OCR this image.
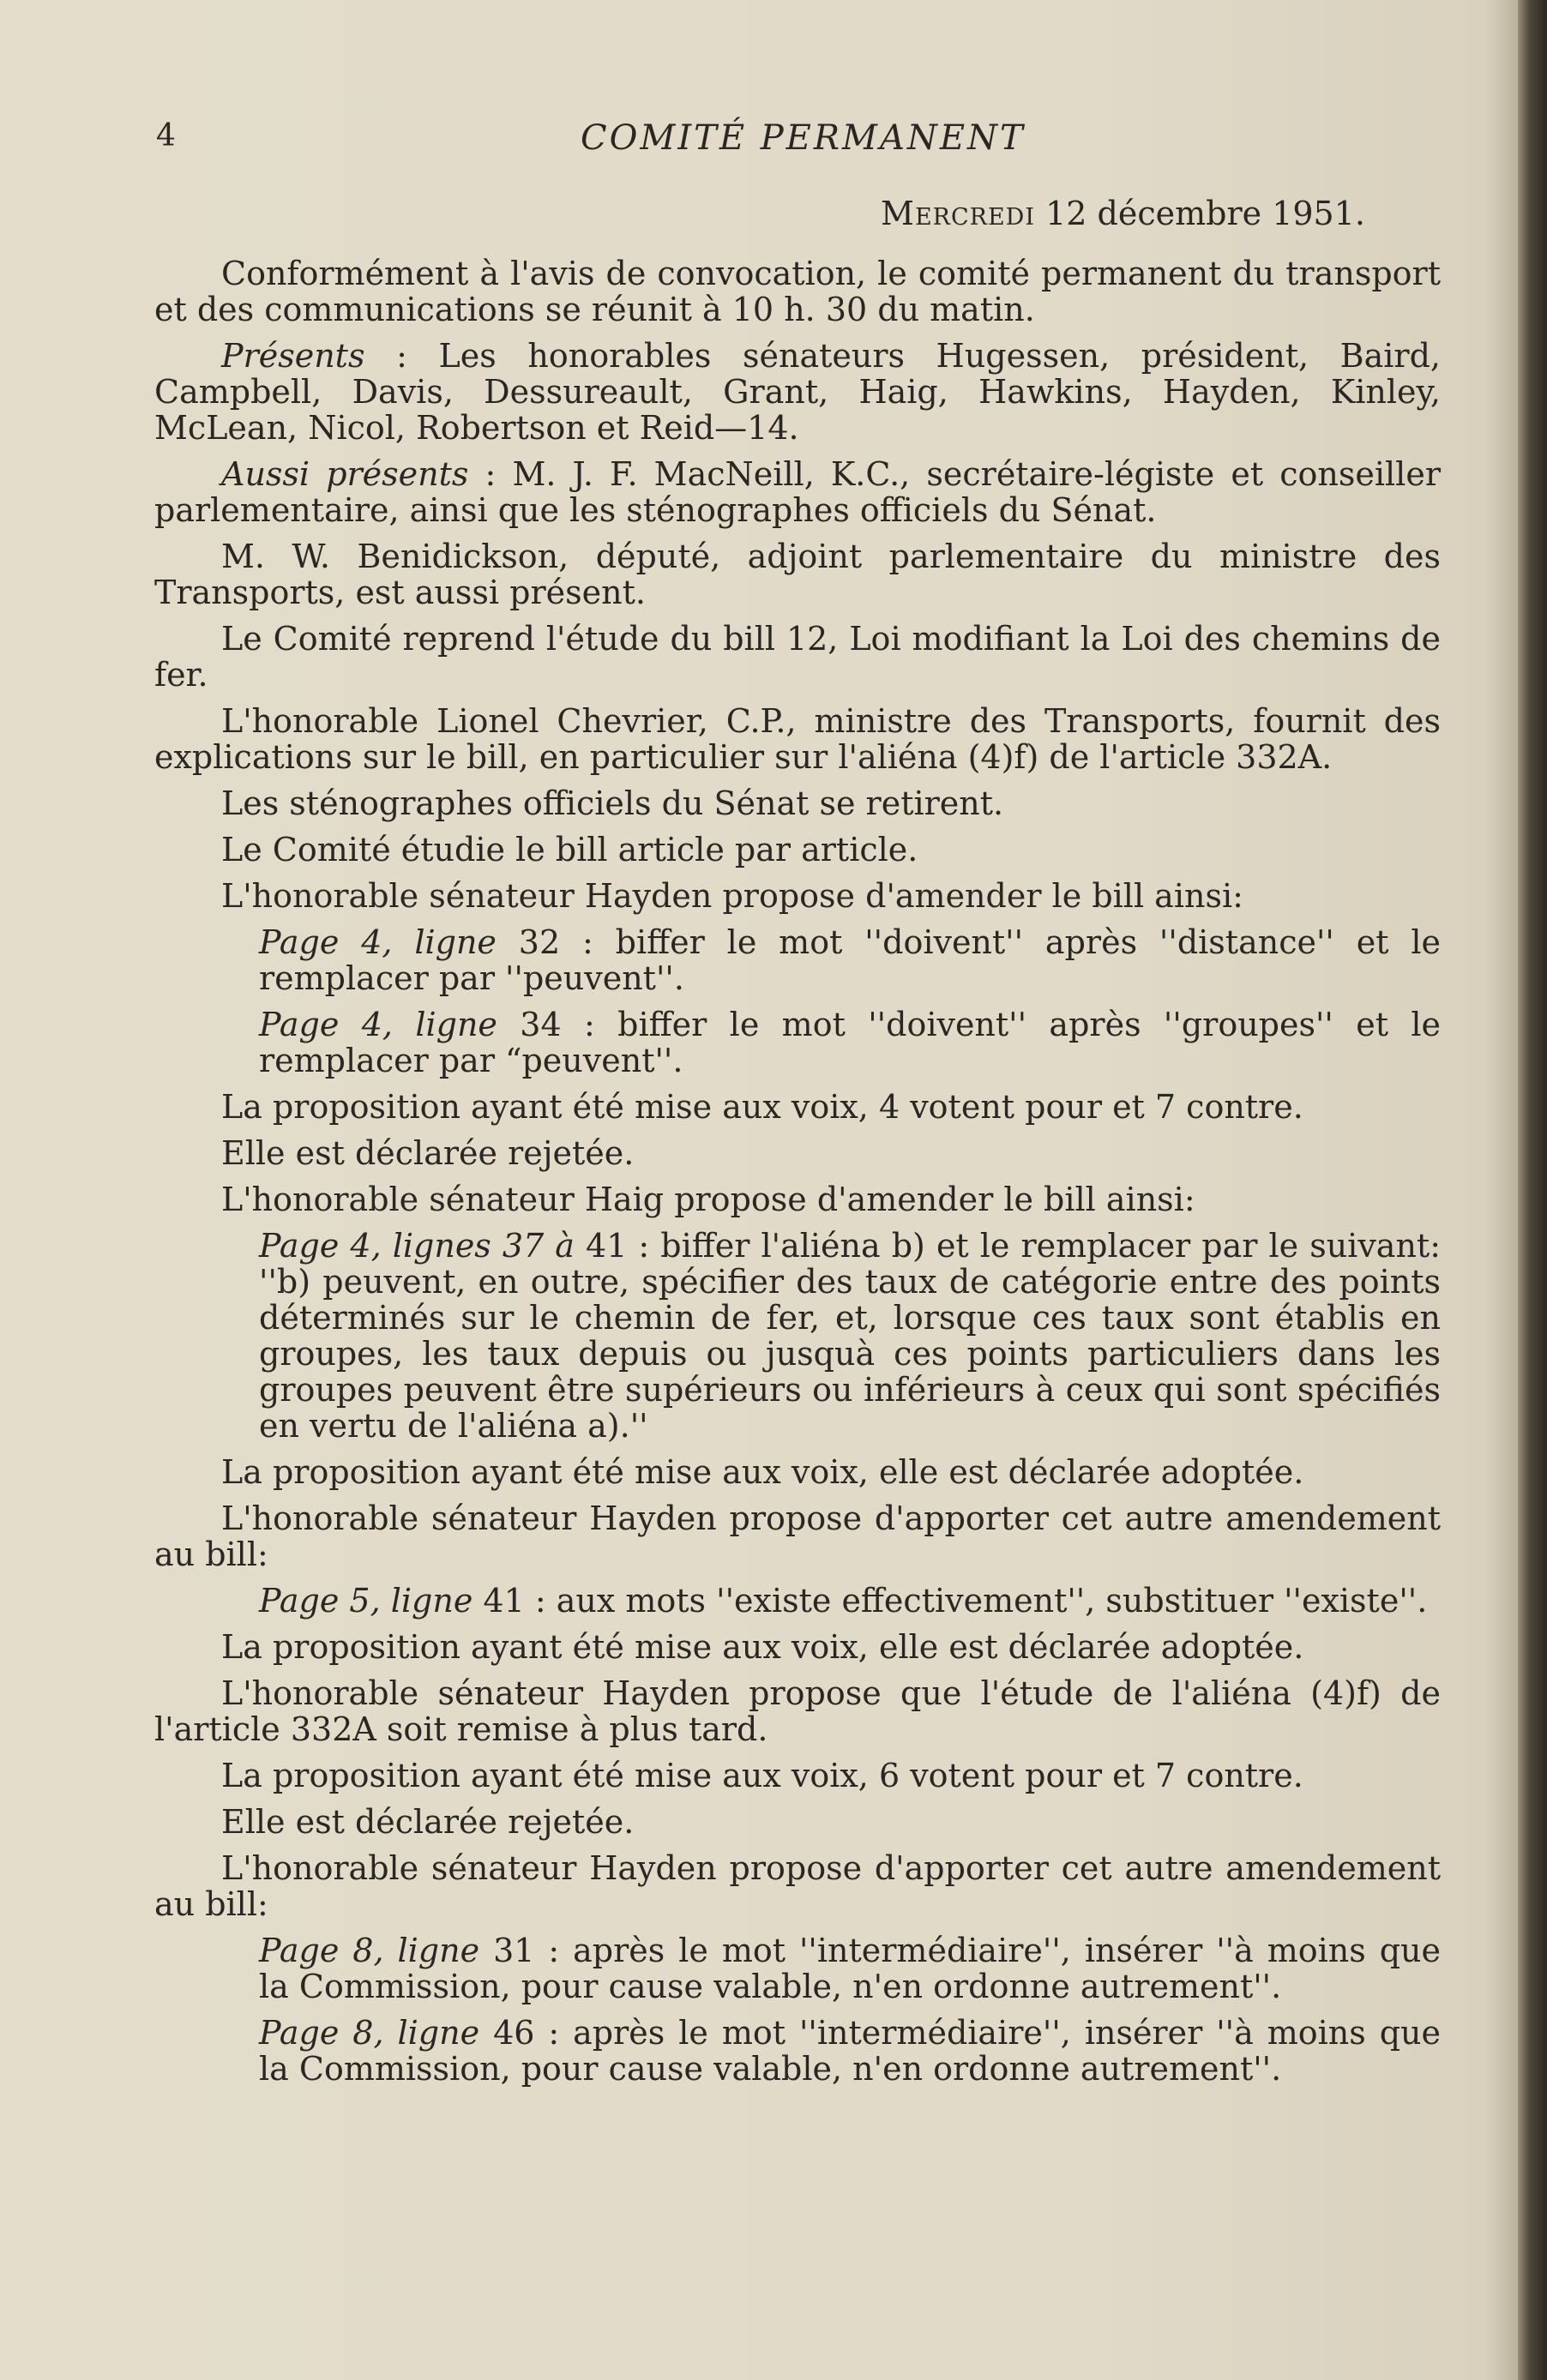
4	COMITÉ PERMANENT
Mercredi 12 décembre 1951.

Conformément à l'avis de convocation, le comité permanent du transport et des communications se réunit à 10 h. 30 du matin.

Présents : Les honorables sénateurs Hugessen, président, Baird, Campbell, Davis, Dessureault, Grant, Haig, Hawkins, Hayden, Kinley, McLean, Nicol, Robertson et Reid—14.

Aussi présents : M. J. F. MacNeill, K.C., secrétaire-légiste et conseiller parlementaire, ainsi que les sténographes officiels du Sénat.

M. W. Benidickson, député, adjoint parlementaire du ministre des Transports, est aussi présent.

Le Comité reprend l'étude du bill 12, Loi modifiant la Loi des chemins de fer.

L'honorable Lionel Chevrier, C.P., ministre des Transports, fournit des explications sur le bill, en particulier sur l'aliéna (4)f) de l'article 332A.

Les sténographes officiels du Sénat se retirent.

Le Comité étudie le bill article par article.

L'honorable sénateur Hayden propose d'amender le bill ainsi:

Page 4, ligne 32 : biffer le mot ''doivent'' après ''distance'' et le remplacer par ''peuvent''.

Page 4, ligne 34 : biffer le mot ''doivent'' après ''groupes'' et le remplacer par “peuvent''.

La proposition ayant été mise aux voix, 4 votent pour et 7 contre.

Elle est déclarée rejetée.

L'honorable sénateur Haig propose d'amender le bill ainsi:

Page 4, lignes 37 à 41 : biffer l'aliéna b) et le remplacer par le suivant: ''b) peuvent, en outre, spécifier des taux de catégorie entre des points déterminés sur le chemin de fer, et, lorsque ces taux sont établis en groupes, les taux depuis ou jusquà ces points particuliers dans les groupes peuvent être supérieurs ou inférieurs à ceux qui sont spécifiés en vertu de l'aliéna a).''

La proposition ayant été mise aux voix, elle est déclarée adoptée.

L'honorable sénateur Hayden propose d'apporter cet autre amendement au bill:

Page 5, ligne 41 : aux mots ''existe effectivement'', substituer ''existe''.

La proposition ayant été mise aux voix, elle est déclarée adoptée.

L'honorable sénateur Hayden propose que l'étude de l'aliéna (4)f) de l'article 332A soit remise à plus tard.

La proposition ayant été mise aux voix, 6 votent pour et 7 contre.

Elle est déclarée rejetée.

L'honorable sénateur Hayden propose d'apporter cet autre amendement au bill:

Page 8, ligne 31 : après le mot ''intermédiaire'', insérer ''à moins que la Commission, pour cause valable, n'en ordonne autrement''.

Page 8, ligne 46 : après le mot ''intermédiaire'', insérer ''à moins que la Commission, pour cause valable, n'en ordonne autrement''.
